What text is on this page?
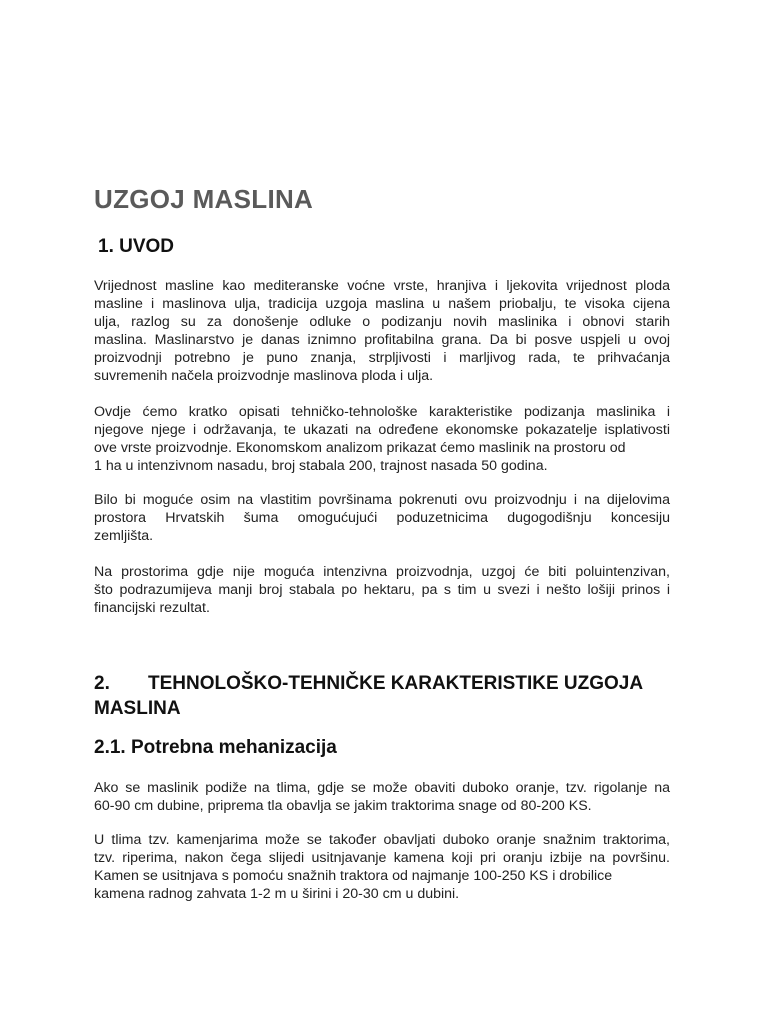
UZGOJ MASLINA
1. UVOD

Vrijednost masline kao mediteranske voćne vrste, hranjiva i ljekovita vrijednost ploda
masline i maslinova ulja, tradicija uzgoja maslina u našem priobalju, te visoka cijena
ulja, razlog su za donošenje odluke o podizanju novih maslinika i obnovi starih
maslina. Maslinarstvo je danas iznimno profitabilna grana. Da bi posve uspjeli u ovoj
proizvodnji potrebno je puno znanja, strpljivosti i marljivog rada, te prihvaćanja
suvremenih načela proizvodnje maslinova ploda i ulja.

Ovdje ćemo kratko opisati tehničko-tehnološke karakteristike podizanja maslinika i
njegove njege i održavanja, te ukazati na određene ekonomske pokazatelje isplativosti
ove vrste proizvodnje. Ekonomskom analizom prikazat ćemo maslinik na prostoru od
1 ha u intenzivnom nasadu, broj stabala 200, trajnost nasada 50 godina.

Bilo bi moguće osim na vlastitim površinama pokrenuti ovu proizvodnju i na dijelovima
prostora Hrvatskih šuma omogućujući poduzetnicima dugogodišnju koncesiju
zemljišta.

Na prostorima gdje nije moguća intenzivna proizvodnja, uzgoj će biti poluintenzivan,
što podrazumijeva manji broj stabala po hektaru, pa s tim u svezi i nešto lošiji prinos i
financijski rezultat.

2. TEHNOLOŠKO-TEHNIČKE KARAKTERISTIKE UZGOJA
MASLINA
2.1. Potrebna mehanizacija

Ako se maslinik podiže na tlima, gdje se može obaviti duboko oranje, tzv. rigolanje na
60-90 cm dubine, priprema tla obavlja se jakim traktorima snage od 80-200 KS.

U tlima tzv. kamenjarima može se također obavljati duboko oranje snažnim traktorima,
tzv. riperima, nakon čega slijedi usitnjavanje kamena koji pri oranju izbije na površinu.
Kamen se usitnjava s pomoću snažnih traktora od najmanje 100-250 KS i drobilice
kamena radnog zahvata 1-2 m u širini i 20-30 cm u dubini.
